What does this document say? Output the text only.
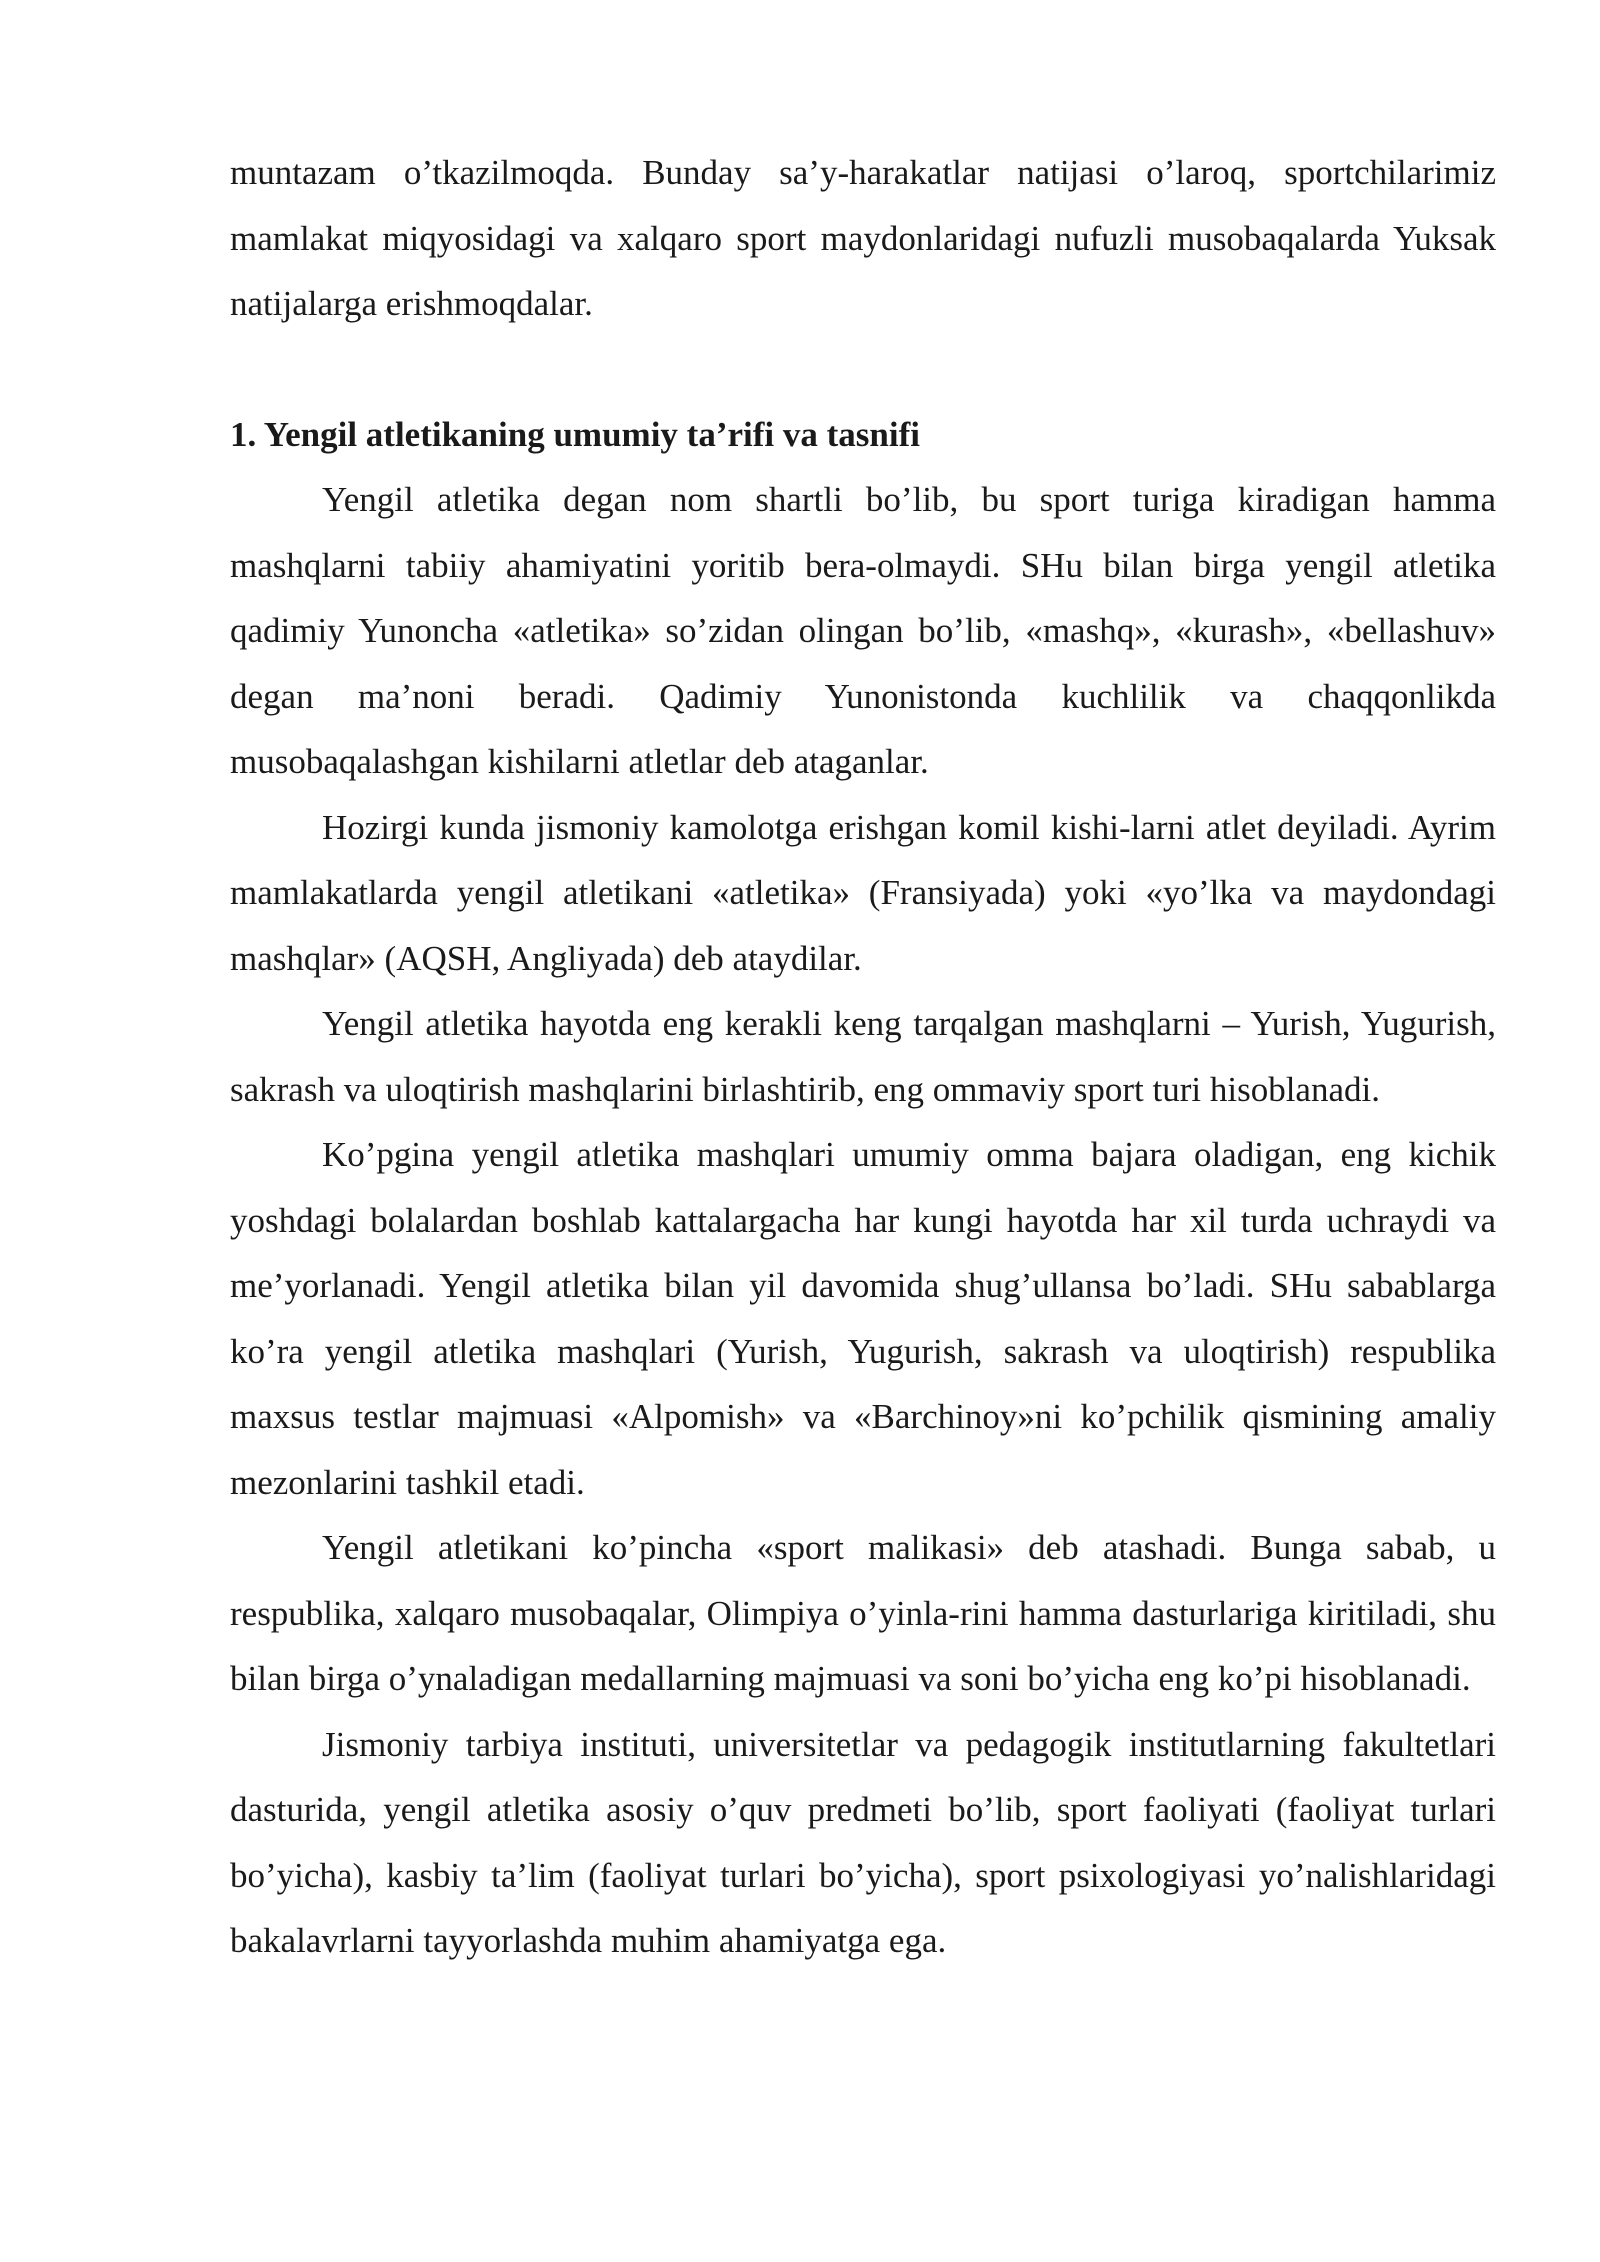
muntazam o’tkazilmoqda. Bunday sa’y-harakatlar natijasi o’laroq, sportchilarimiz mamlakat miqyosidagi va xalqaro sport maydonlaridagi nufuzli musobaqalarda Yuksak natijalarga erishmoqdalar.

1. Yengil atletikaning umumiy ta’rifi va tasnifi

Yengil atletika degan nom shartli bo’lib, bu sport turiga kiradigan hamma mashqlarni tabiiy ahamiyatini yoritib bera-olmaydi. SHu bilan birga yengil atletika qadimiy Yunoncha «atletika» so’zidan olingan bo’lib, «mashq», «kurash», «bellashuv» degan ma’noni beradi. Qadimiy Yunonistonda kuchlilik va chaqqonlikda musobaqalashgan kishilarni atletlar deb ataganlar.

Hozirgi kunda jismoniy kamolotga erishgan komil kishi-larni atlet deyiladi. Ayrim mamlakatlarda yengil atletikani «atletika» (Fransiyada) yoki «yo’lka va maydondagi mashqlar» (AQSH, Angliyada) deb ataydilar.

Yengil atletika hayotda eng kerakli keng tarqalgan mashqlarni – Yurish, Yugurish, sakrash va uloqtirish mashqlarini birlashtirib, eng ommaviy sport turi hisoblanadi.

Ko’pgina yengil atletika mashqlari umumiy omma bajara oladigan, eng kichik yoshdagi bolalardan boshlab kattalargacha har kungi hayotda har xil turda uchraydi va me’yorlanadi. Yengil atletika bilan yil davomida shug’ullansa bo’ladi. SHu sabablarga ko’ra yengil atletika mashqlari (Yurish, Yugurish, sakrash va uloqtirish) respublika maxsus testlar majmuasi «Alpomish» va «Barchinoy»ni ko’pchilik qismining amaliy mezonlarini tashkil etadi.

Yengil atletikani ko’pincha «sport malikasi» deb atashadi. Bunga sabab, u respublika, xalqaro musobaqalar, Olimpiya o’yinla-rini hamma dasturlariga kiritiladi, shu bilan birga o’ynaladigan medallarning majmuasi va soni bo’yicha eng ko’pi hisoblanadi.

Jismoniy tarbiya instituti, universitetlar va pedagogik institutlarning fakultetlari dasturida, yengil atletika asosiy o’quv predmeti bo’lib, sport faoliyati (faoliyat turlari bo’yicha), kasbiy ta’lim (faoliyat turlari bo’yicha), sport psixologiyasi yo’nalishlaridagi bakalavrlarni tayyorlashda muhim ahamiyatga ega.
